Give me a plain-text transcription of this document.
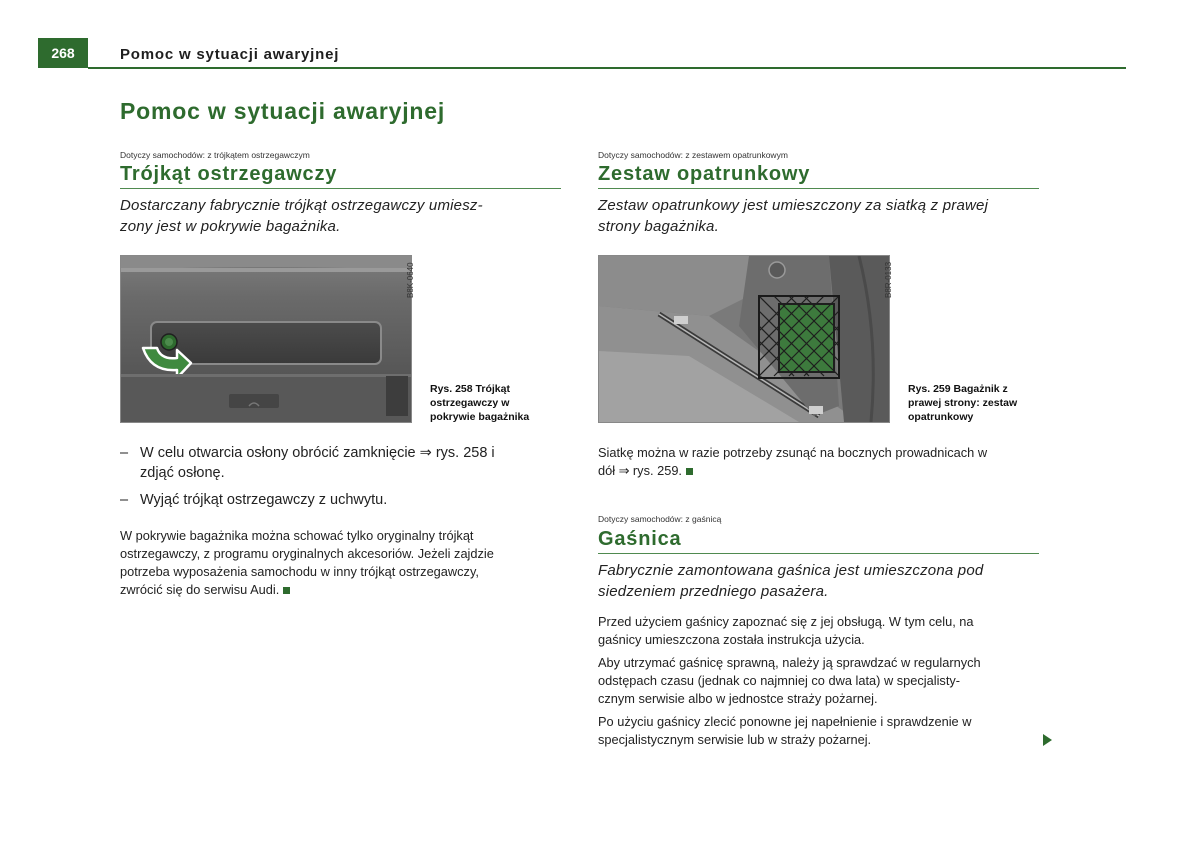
268	Pomoc w sytuacji awaryjnej
Pomoc w sytuacji awaryjnej
Dotyczy samochodów: z trójkątem ostrzegawczym
Trójkąt ostrzegawczy
Dostarczany fabrycznie trójkąt ostrzegawczy umiesz-
zony jest w pokrywie bagażnika.
B8K-0640
Rys. 258 Trójkąt
ostrzegawczy w
pokrywie bagażnika
– W celu otwarcia osłony obrócić zamknięcie ⇒ rys. 258 i
zdjąć osłonę.
– Wyjąć trójkąt ostrzegawczy z uchwytu.
W pokrywie bagażnika można schować tylko oryginalny trójkąt
ostrzegawczy, z programu oryginalnych akcesoriów. Jeżeli zajdzie
potrzeba wyposażenia samochodu w inny trójkąt ostrzegawczy,
zwrócić się do serwisu Audi.
Dotyczy samochodów: z zestawem opatrunkowym
Zestaw opatrunkowy
Zestaw opatrunkowy jest umieszczony za siatką z prawej
strony bagażnika.
B8R-0133
Rys. 259 Bagażnik z
prawej strony: zestaw
opatrunkowy
Siatkę można w razie potrzeby zsunąć na bocznych prowadnicach w
dół ⇒ rys. 259.
Dotyczy samochodów: z gaśnicą
Gaśnica
Fabrycznie zamontowana gaśnica jest umieszczona pod
siedzeniem przedniego pasażera.

Przed użyciem gaśnicy zapoznać się z jej obsługą. W tym celu, na
gaśnicy umieszczona została instrukcja użycia.

Aby utrzymać gaśnicę sprawną, należy ją sprawdzać w regularnych
odstępach czasu (jednak co najmniej co dwa lata) w specjalisty-
cznym serwisie albo w jednostce straży pożarnej.

Po użyciu gaśnicy zlecić ponowne jej napełnienie i sprawdzenie w
specjalistycznym serwisie lub w straży pożarnej.
